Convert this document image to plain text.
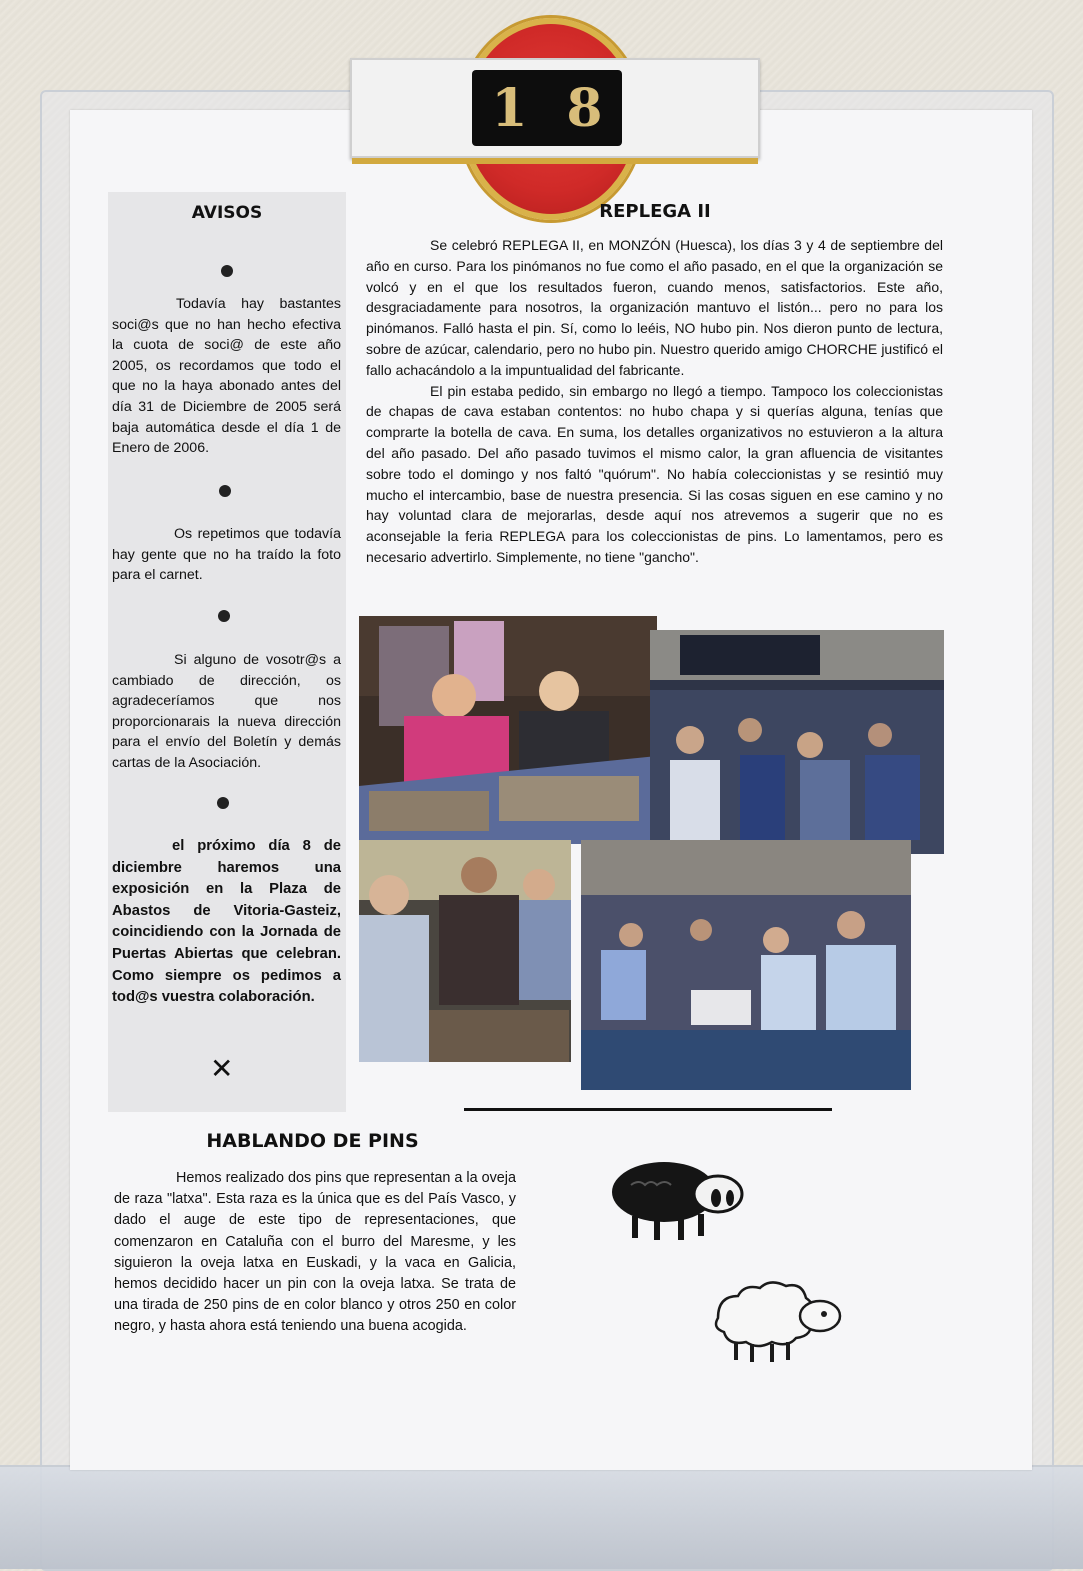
1 8
AVISOS
Todavía hay bastantes soci@s que no han hecho efectiva la cuota de soci@ de este año 2005, os recordamos que todo el que no la haya abonado antes del día 31 de Diciembre de 2005 será baja automática desde el día 1 de Enero de 2006.
Os repetimos que todavía hay gente que no ha traído la foto para el carnet.
Si alguno de vosotr@s a cambiado de dirección, os agradeceríamos que nos proporcionarais la nueva dirección para el envío del Boletín y demás cartas de la Asociación.
el próximo día 8 de diciembre haremos una exposición en la Plaza de Abastos de Vitoria-Gasteiz, coincidiendo con la Jornada de Puertas Abiertas que celebran. Como siempre os pedimos a tod@s vuestra colaboración.
✕
REPLEGA II

Se celebró REPLEGA II, en MONZÓN (Huesca), los días 3 y 4 de septiembre del año en curso. Para los pinómanos no fue como el año pasado, en el que la organización se volcó y en el que los resultados fueron, cuando menos, satisfactorios. Este año, desgraciadamente para nosotros, la organización mantuvo el listón... pero no para los pinómanos. Falló hasta el pin. Sí, como lo leéis, NO hubo pin. Nos dieron punto de lectura, sobre de azúcar, calendario, pero no hubo pin. Nuestro querido amigo CHORCHE justificó el fallo achacándolo a la impuntualidad del fabricante.

El pin estaba pedido, sin embargo no llegó a tiempo. Tampoco los coleccionistas de chapas de cava estaban contentos: no hubo chapa y si querías alguna, tenías que comprarte la botella de cava. En suma, los detalles organizativos no estuvieron a la altura del año pasado. Del año pasado tuvimos el mismo calor, la gran afluencia de visitantes sobre todo el domingo y nos faltó "quórum". No había coleccionistas y se resintió muy mucho el intercambio, base de nuestra presencia. Si las cosas siguen en ese camino y no hay voluntad clara de mejorarlas, desde aquí nos atrevemos a sugerir que no es aconsejable la feria REPLEGA para los coleccionistas de pins. Lo lamentamos, pero es necesario advertirlo. Simplemente, no tiene "gancho".

HABLANDO DE PINS
Hemos realizado dos pins que representan a la oveja de raza "latxa". Esta raza es la única que es del País Vasco, y dado el auge de este tipo de representaciones, que comenzaron en Cataluña con el burro del Maresme, y les siguieron la oveja latxa en Euskadi, y la vaca en Galicia, hemos decidido hacer un pin con la oveja latxa. Se trata de una tirada de 250 pins de en color blanco y otros 250 en color negro, y hasta ahora está teniendo una buena acogida.
